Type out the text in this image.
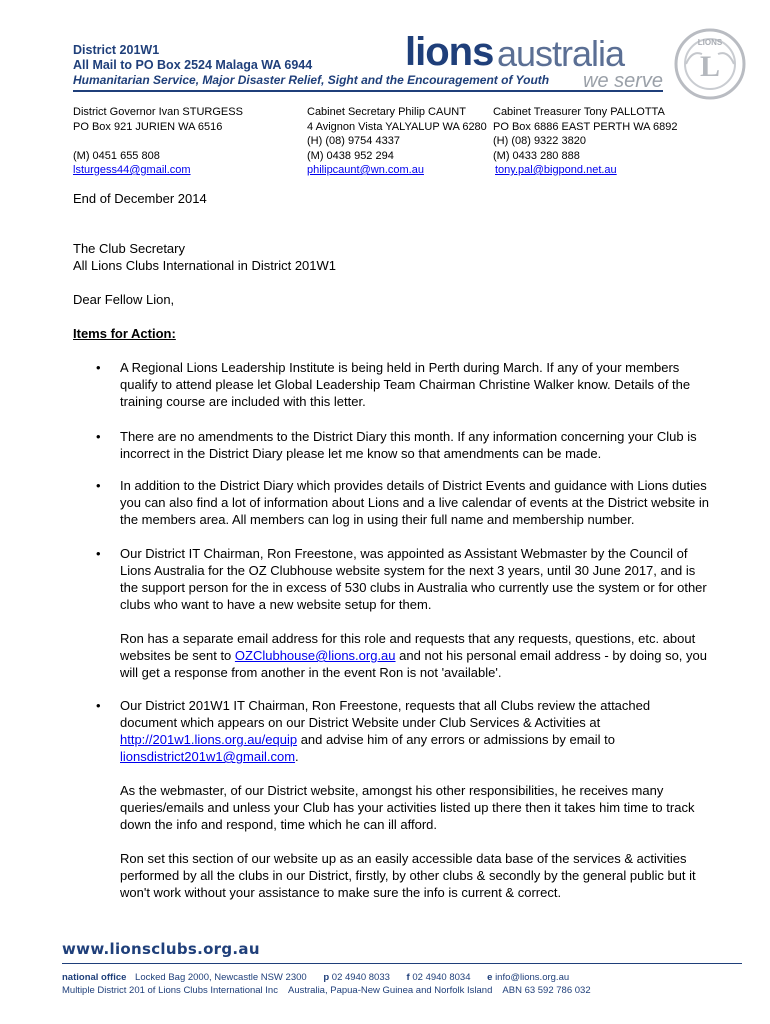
District 201W1
All Mail to PO Box 2524 Malaga WA 6944
Humanitarian Service, Major Disaster Relief, Sight and the Encouragement of Youth
lions australia
we serve
LIONS
L
District Governor Ivan STURGESS
PO Box 921 JURIEN WA 6516
(M) 0451 655 808
lsturgess44@gmail.com
Cabinet Secretary Philip CAUNT
4 Avignon Vista YALYALUP WA 6280
(H) (08) 9754 4337
(M) 0438 952 294
philipcaunt@wn.com.au
Cabinet Treasurer Tony PALLOTTA
PO Box 6886 EAST PERTH WA 6892
(H) (08) 9322 3820
(M) 0433 280 888
tony.pal@bigpond.net.au
End of December 2014
The Club Secretary
All Lions Clubs International in District 201W1
Dear Fellow Lion,
Items for Action:
• A Regional Lions Leadership Institute is being held in Perth during March. If any of your members
qualify to attend please let Global Leadership Team Chairman Christine Walker know. Details of the
training course are included with this letter.
• There are no amendments to the District Diary this month. If any information concerning your Club is
incorrect in the District Diary please let me know so that amendments can be made.
• In addition to the District Diary which provides details of District Events and guidance with Lions duties
you can also find a lot of information about Lions and a live calendar of events at the District website in
the members area. All members can log in using their full name and membership number.
• Our District IT Chairman, Ron Freestone, was appointed as Assistant Webmaster by the Council of
Lions Australia for the OZ Clubhouse website system for the next 3 years, until 30 June 2017, and is
the support person for the in excess of 530 clubs in Australia who currently use the system or for other
clubs who want to have a new website setup for them.
Ron has a separate email address for this role and requests that any requests, questions, etc. about
websites be sent to OZClubhouse@lions.org.au and not his personal email address - by doing so, you
will get a response from another in the event Ron is not 'available'.
• Our District 201W1 IT Chairman, Ron Freestone, requests that all Clubs review the attached
document which appears on our District Website under Club Services & Activities at
http://201w1.lions.org.au/equip and advise him of any errors or admissions by email to
lionsdistrict201w1@gmail.com.
As the webmaster, of our District website, amongst his other responsibilities, he receives many
queries/emails and unless your Club has your activities listed up there then it takes him time to track
down the info and respond, time which he can ill afford.
Ron set this section of our website up as an easily accessible data base of the services & activities
performed by all the clubs in our District, firstly, by other clubs & secondly by the general public but it
won't work without your assistance to make sure the info is current & correct.
www.lionsclubs.org.au
national office Locked Bag 2000, Newcastle NSW 2300 p 02 4940 8033 f 02 4940 8034 e info@lions.org.au
Multiple District 201 of Lions Clubs International Inc    Australia, Papua-New Guinea and Norfolk Island    ABN 63 592 786 032
